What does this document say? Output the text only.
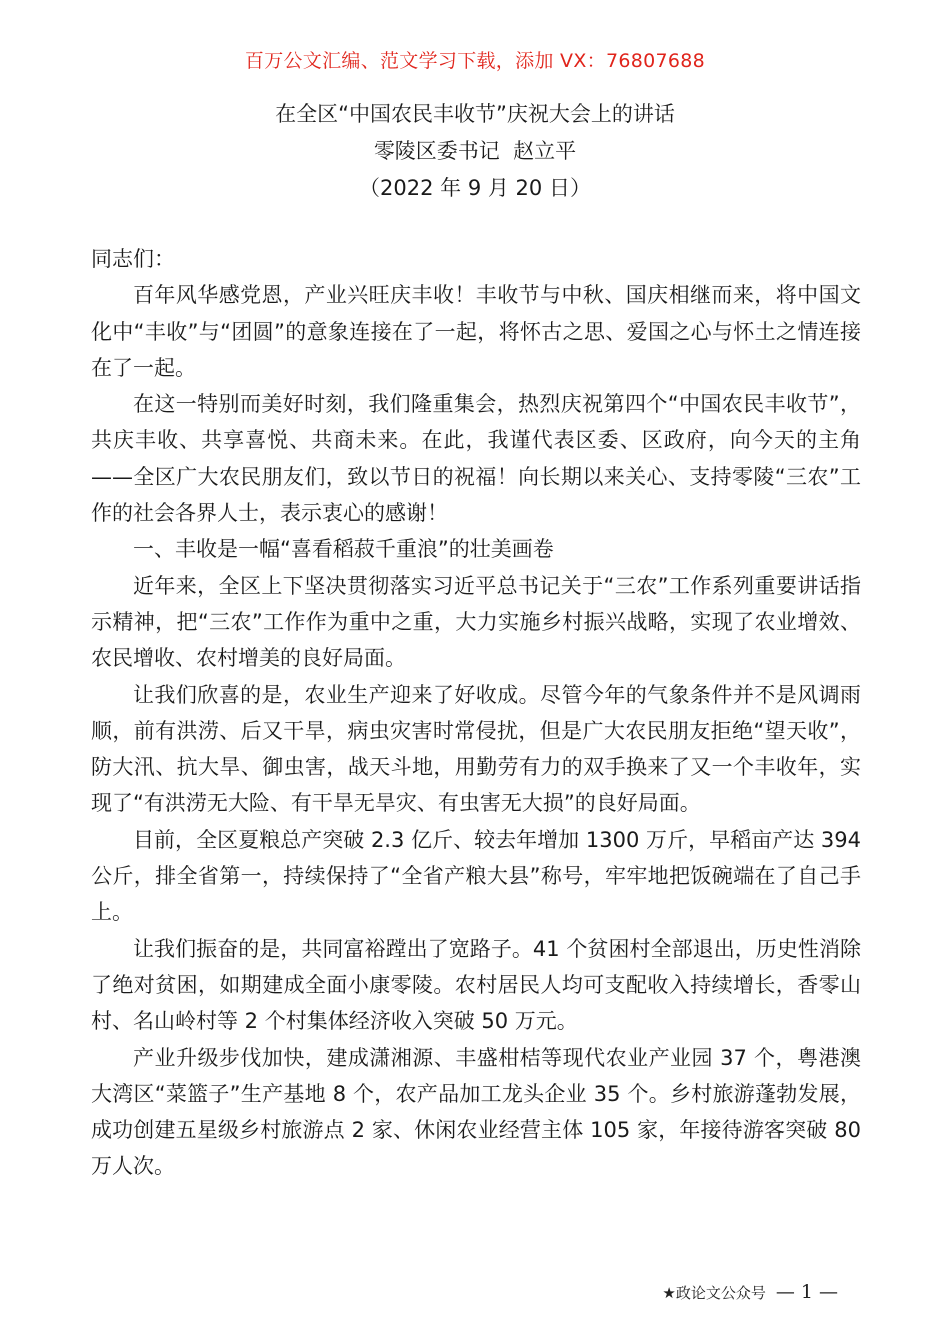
百万公文汇编、范文学习下载，添加 VX：76807688
在全区“中国农民丰收节”庆祝大会上的讲话
零陵区委书记  赵立平
（2022 年 9 月 20 日）

同志们：

百年风华感党恩，产业兴旺庆丰收！丰收节与中秋、国庆相继而来，将中国文化中“丰收”与“团圆”的意象连接在了一起，将怀古之思、爱国之心与怀土之情连接在了一起。

在这一特别而美好时刻，我们隆重集会，热烈庆祝第四个“中国农民丰收节”，共庆丰收、共享喜悦、共商未来。在此，我谨代表区委、区政府，向今天的主角——全区广大农民朋友们，致以节日的祝福！向长期以来关心、支持零陵“三农”工作的社会各界人士，表示衷心的感谢！

一、丰收是一幅“喜看稻菽千重浪”的壮美画卷

近年来，全区上下坚决贯彻落实习近平总书记关于“三农”工作系列重要讲话指示精神，把“三农”工作作为重中之重，大力实施乡村振兴战略，实现了农业增效、农民增收、农村增美的良好局面。

让我们欣喜的是，农业生产迎来了好收成。尽管今年的气象条件并不是风调雨顺，前有洪涝、后又干旱，病虫灾害时常侵扰，但是广大农民朋友拒绝“望天收”，防大汛、抗大旱、御虫害，战天斗地，用勤劳有力的双手换来了又一个丰收年，实现了“有洪涝无大险、有干旱无旱灾、有虫害无大损”的良好局面。

目前，全区夏粮总产突破 2.3 亿斤、较去年增加 1300 万斤，早稻亩产达 394 公斤，排全省第一，持续保持了“全省产粮大县”称号，牢牢地把饭碗端在了自己手上。

让我们振奋的是，共同富裕蹚出了宽路子。41 个贫困村全部退出，历史性消除了绝对贫困，如期建成全面小康零陵。农村居民人均可支配收入持续增长，香零山村、名山岭村等 2 个村集体经济收入突破 50 万元。

产业升级步伐加快，建成潇湘源、丰盛柑桔等现代农业产业园 37 个，粤港澳大湾区“菜篮子”生产基地 8 个，农产品加工龙头企业 35 个。乡村旅游蓬勃发展，成功创建五星级乡村旅游点 2 家、休闲农业经营主体 105 家，年接待游客突破 80 万人次。

★政论文公众号 — 1 —
